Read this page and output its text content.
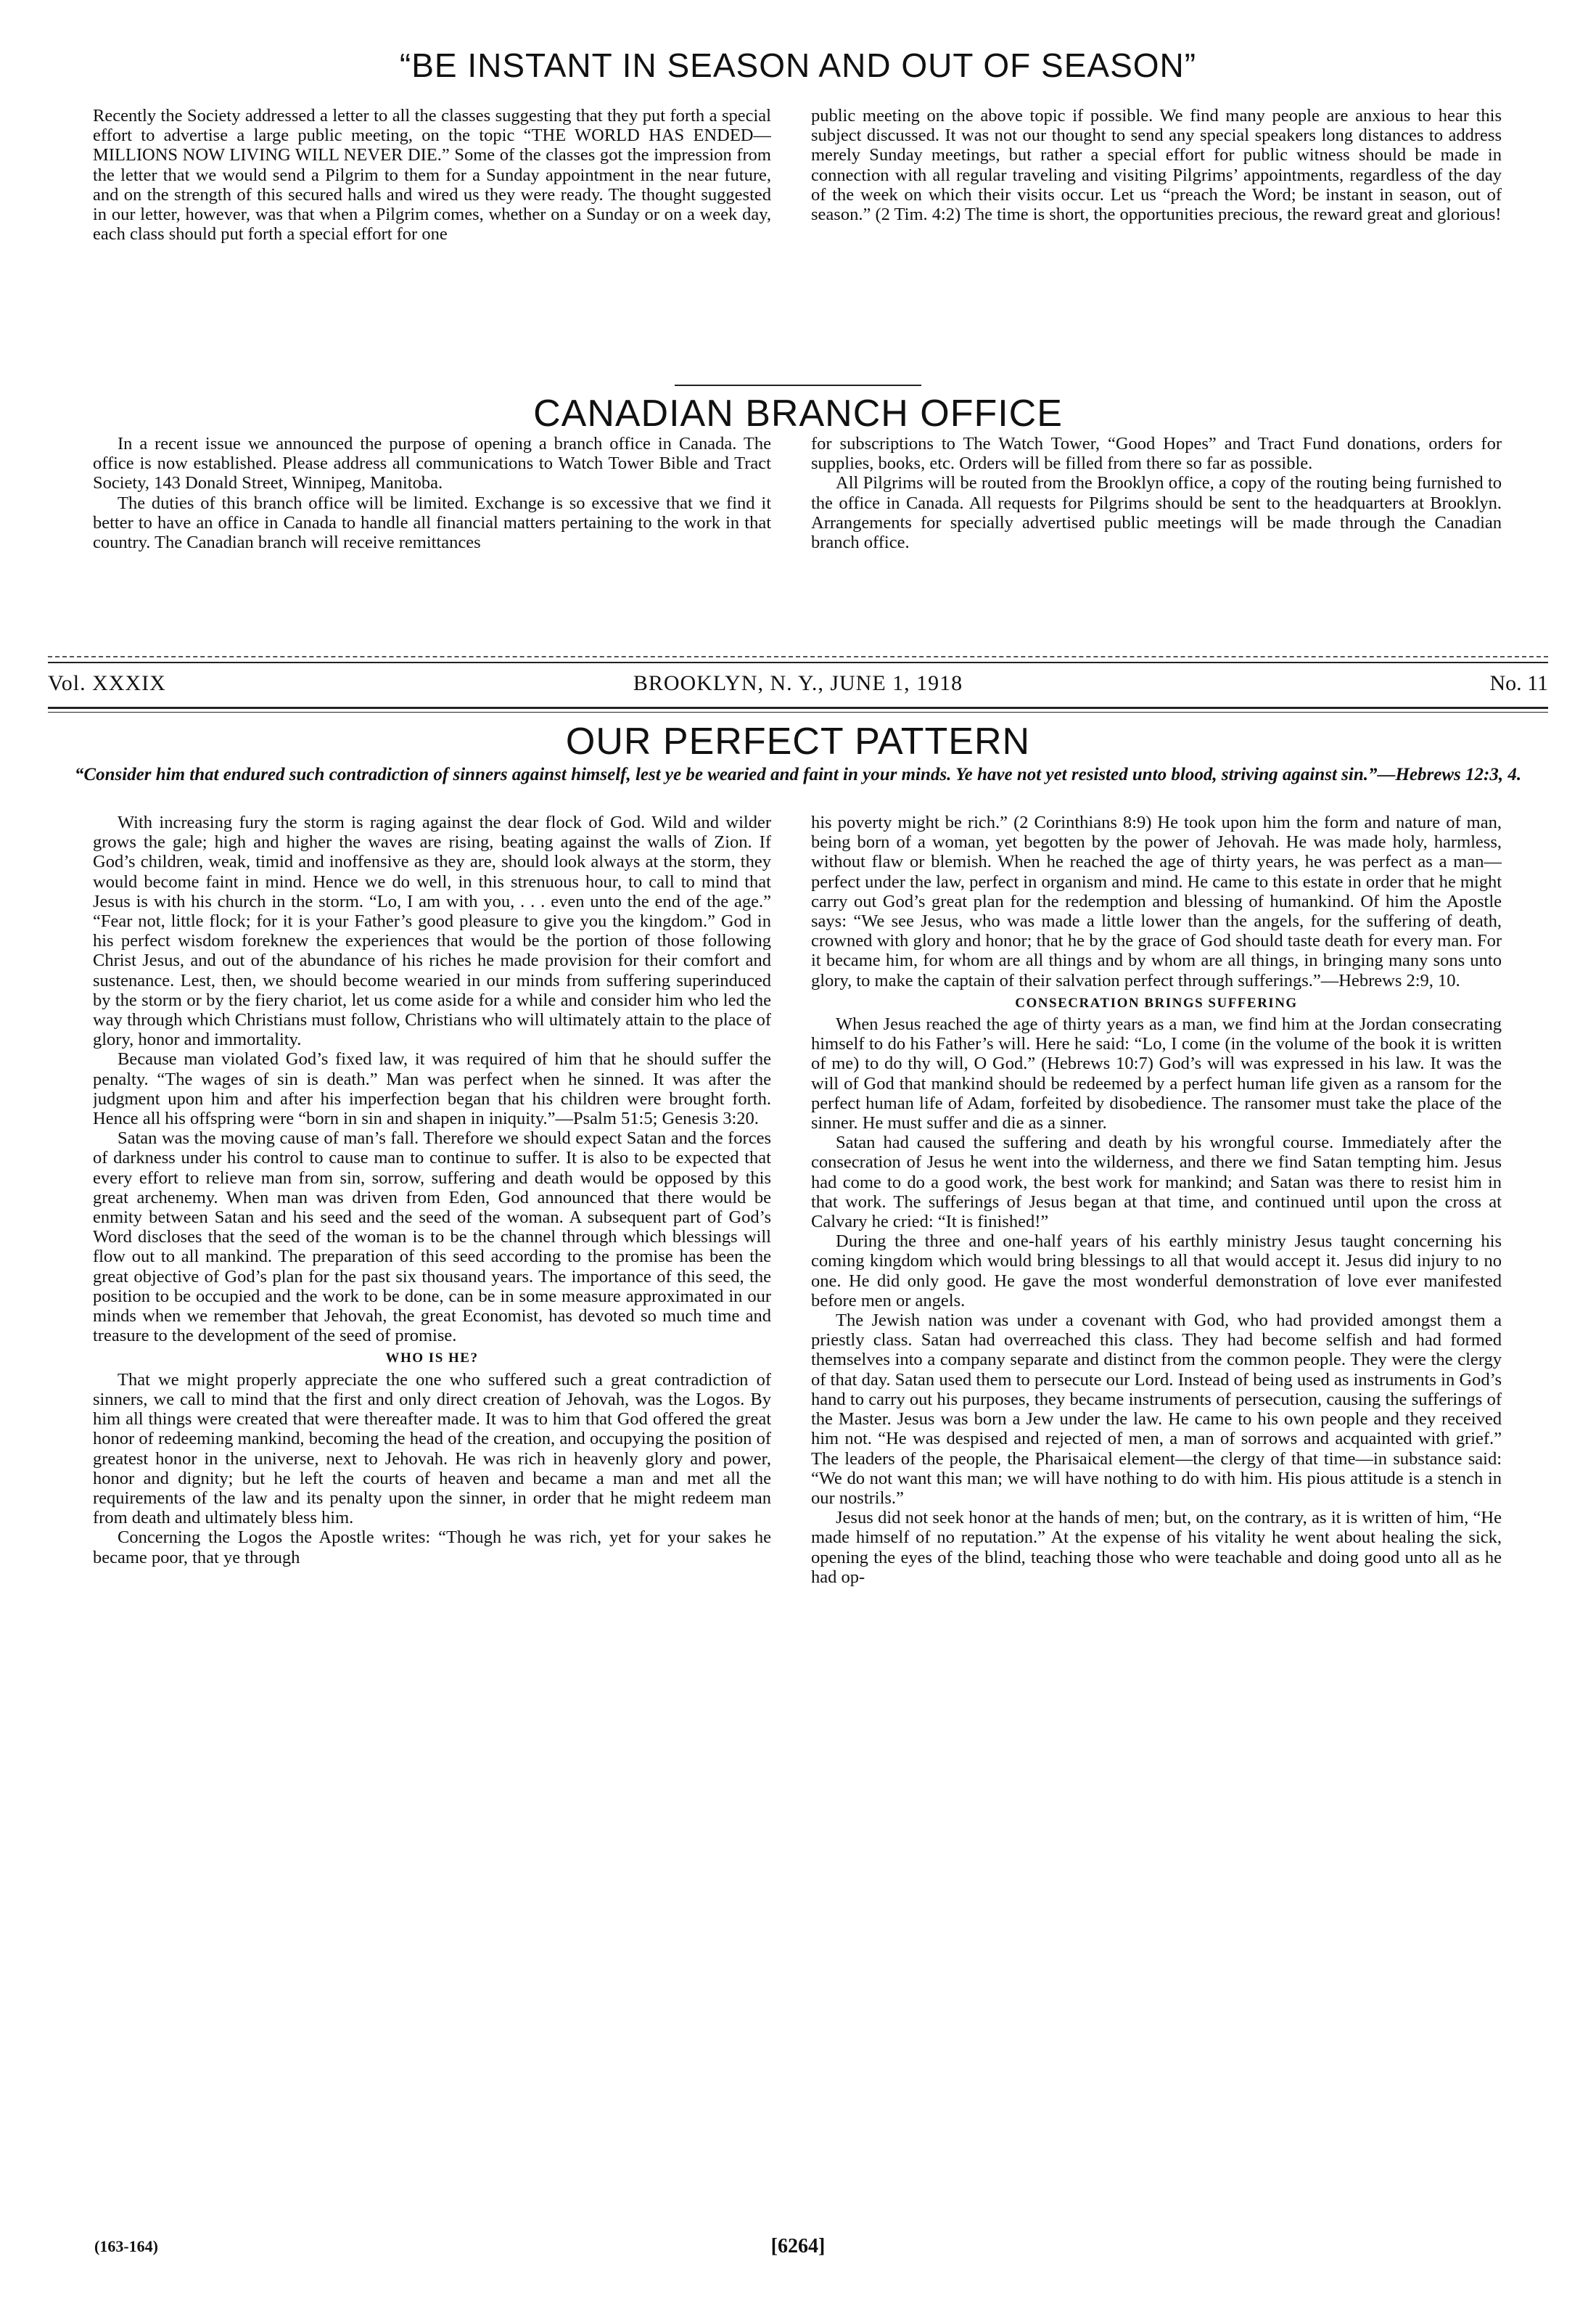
“BE INSTANT IN SEASON AND OUT OF SEASON”

Recently the Society addressed a letter to all the classes suggesting that they put forth a special effort to advertise a large public meeting, on the topic “THE WORLD HAS ENDED—MILLIONS NOW LIVING WILL NEVER DIE.” Some of the classes got the impression from the letter that we would send a Pilgrim to them for a Sunday appointment in the near future, and on the strength of this secured halls and wired us they were ready. The thought suggested in our letter, however, was that when a Pilgrim comes, whether on a Sunday or on a week day, each class should put forth a special effort for one

public meeting on the above topic if possible. We find many people are anxious to hear this subject discussed. It was not our thought to send any special speakers long distances to address merely Sunday meetings, but rather a special effort for public witness should be made in connection with all regular traveling and visiting Pilgrims’ appointments, regardless of the day of the week on which their visits occur. Let us “preach the Word; be instant in season, out of season.” (2 Tim. 4:2) The time is short, the opportunities precious, the reward great and glorious!

CANADIAN BRANCH OFFICE

In a recent issue we announced the purpose of opening a branch office in Canada. The office is now established. Please address all communications to Watch Tower Bible and Tract Society, 143 Donald Street, Winnipeg, Manitoba.

The duties of this branch office will be limited. Exchange is so excessive that we find it better to have an office in Canada to handle all financial matters pertaining to the work in that country. The Canadian branch will receive remittances

for subscriptions to The Watch Tower, “Good Hopes” and Tract Fund donations, orders for supplies, books, etc. Orders will be filled from there so far as possible.

All Pilgrims will be routed from the Brooklyn office, a copy of the routing being furnished to the office in Canada. All requests for Pilgrims should be sent to the headquarters at Brooklyn. Arrangements for specially advertised public meetings will be made through the Canadian branch office.

Vol. XXXIX	BROOKLYN, N. Y., JUNE 1, 1918	No. 11
OUR PERFECT PATTERN
“Consider him that endured such contradiction of sinners against himself, lest ye be wearied and faint in your minds. Ye have not yet resisted unto blood, striving against sin.”—Hebrews 12:3, 4.

With increasing fury the storm is raging against the dear flock of God. Wild and wilder grows the gale; high and higher the waves are rising, beating against the walls of Zion. If God’s children, weak, timid and inoffensive as they are, should look always at the storm, they would become faint in mind. Hence we do well, in this strenuous hour, to call to mind that Jesus is with his church in the storm. “Lo, I am with you, . . . even unto the end of the age.” “Fear not, little flock; for it is your Father’s good pleasure to give you the kingdom.” God in his perfect wisdom foreknew the experiences that would be the portion of those following Christ Jesus, and out of the abundance of his riches he made provision for their comfort and sustenance. Lest, then, we should become wearied in our minds from suffering superinduced by the storm or by the fiery chariot, let us come aside for a while and consider him who led the way through which Christians must follow, Christians who will ultimately attain to the place of glory, honor and immortality.

Because man violated God’s fixed law, it was required of him that he should suffer the penalty. “The wages of sin is death.” Man was perfect when he sinned. It was after the judgment upon him and after his imperfection began that his children were brought forth. Hence all his offspring were “born in sin and shapen in iniquity.”—Psalm 51:5; Genesis 3:20.

Satan was the moving cause of man’s fall. Therefore we should expect Satan and the forces of darkness under his control to cause man to continue to suffer. It is also to be expected that every effort to relieve man from sin, sorrow, suffering and death would be opposed by this great archenemy. When man was driven from Eden, God announced that there would be enmity between Satan and his seed and the seed of the woman. A subsequent part of God’s Word discloses that the seed of the woman is to be the channel through which blessings will flow out to all mankind. The preparation of this seed according to the promise has been the great objective of God’s plan for the past six thousand years. The importance of this seed, the position to be occupied and the work to be done, can be in some measure approximated in our minds when we remember that Jehovah, the great Economist, has devoted so much time and treasure to the development of the seed of promise.

WHO IS HE?

That we might properly appreciate the one who suffered such a great contradiction of sinners, we call to mind that the first and only direct creation of Jehovah, was the Logos. By him all things were created that were thereafter made. It was to him that God offered the great honor of redeeming mankind, becoming the head of the creation, and occupying the position of greatest honor in the universe, next to Jehovah. He was rich in heavenly glory and power, honor and dignity; but he left the courts of heaven and became a man and met all the requirements of the law and its penalty upon the sinner, in order that he might redeem man from death and ultimately bless him.

Concerning the Logos the Apostle writes: “Though he was rich, yet for your sakes he became poor, that ye through

his poverty might be rich.” (2 Corinthians 8:9) He took upon him the form and nature of man, being born of a woman, yet begotten by the power of Jehovah. He was made holy, harmless, without flaw or blemish. When he reached the age of thirty years, he was perfect as a man—perfect under the law, perfect in organism and mind. He came to this estate in order that he might carry out God’s great plan for the redemption and blessing of humankind. Of him the Apostle says: “We see Jesus, who was made a little lower than the angels, for the suffering of death, crowned with glory and honor; that he by the grace of God should taste death for every man. For it became him, for whom are all things and by whom are all things, in bringing many sons unto glory, to make the captain of their salvation perfect through sufferings.”—Hebrews 2:9, 10.

CONSECRATION BRINGS SUFFERING

When Jesus reached the age of thirty years as a man, we find him at the Jordan consecrating himself to do his Father’s will. Here he said: “Lo, I come (in the volume of the book it is written of me) to do thy will, O God.” (Hebrews 10:7) God’s will was expressed in his law. It was the will of God that mankind should be redeemed by a perfect human life given as a ransom for the perfect human life of Adam, forfeited by disobedience. The ransomer must take the place of the sinner. He must suffer and die as a sinner.

Satan had caused the suffering and death by his wrongful course. Immediately after the consecration of Jesus he went into the wilderness, and there we find Satan tempting him. Jesus had come to do a good work, the best work for mankind; and Satan was there to resist him in that work. The sufferings of Jesus began at that time, and continued until upon the cross at Calvary he cried: “It is finished!”

During the three and one-half years of his earthly ministry Jesus taught concerning his coming kingdom which would bring blessings to all that would accept it. Jesus did injury to no one. He did only good. He gave the most wonderful demonstration of love ever manifested before men or angels.

The Jewish nation was under a covenant with God, who had provided amongst them a priestly class. Satan had overreached this class. They had become selfish and had formed themselves into a company separate and distinct from the common people. They were the clergy of that day. Satan used them to persecute our Lord. Instead of being used as instruments in God’s hand to carry out his purposes, they became instruments of persecution, causing the sufferings of the Master. Jesus was born a Jew under the law. He came to his own people and they received him not. “He was despised and rejected of men, a man of sorrows and acquainted with grief.” The leaders of the people, the Pharisaical element—the clergy of that time—in substance said: “We do not want this man; we will have nothing to do with him. His pious attitude is a stench in our nostrils.”

Jesus did not seek honor at the hands of men; but, on the contrary, as it is written of him, “He made himself of no reputation.” At the expense of his vitality he went about healing the sick, opening the eyes of the blind, teaching those who were teachable and doing good unto all as he had op-

(163-164)	[6264]
